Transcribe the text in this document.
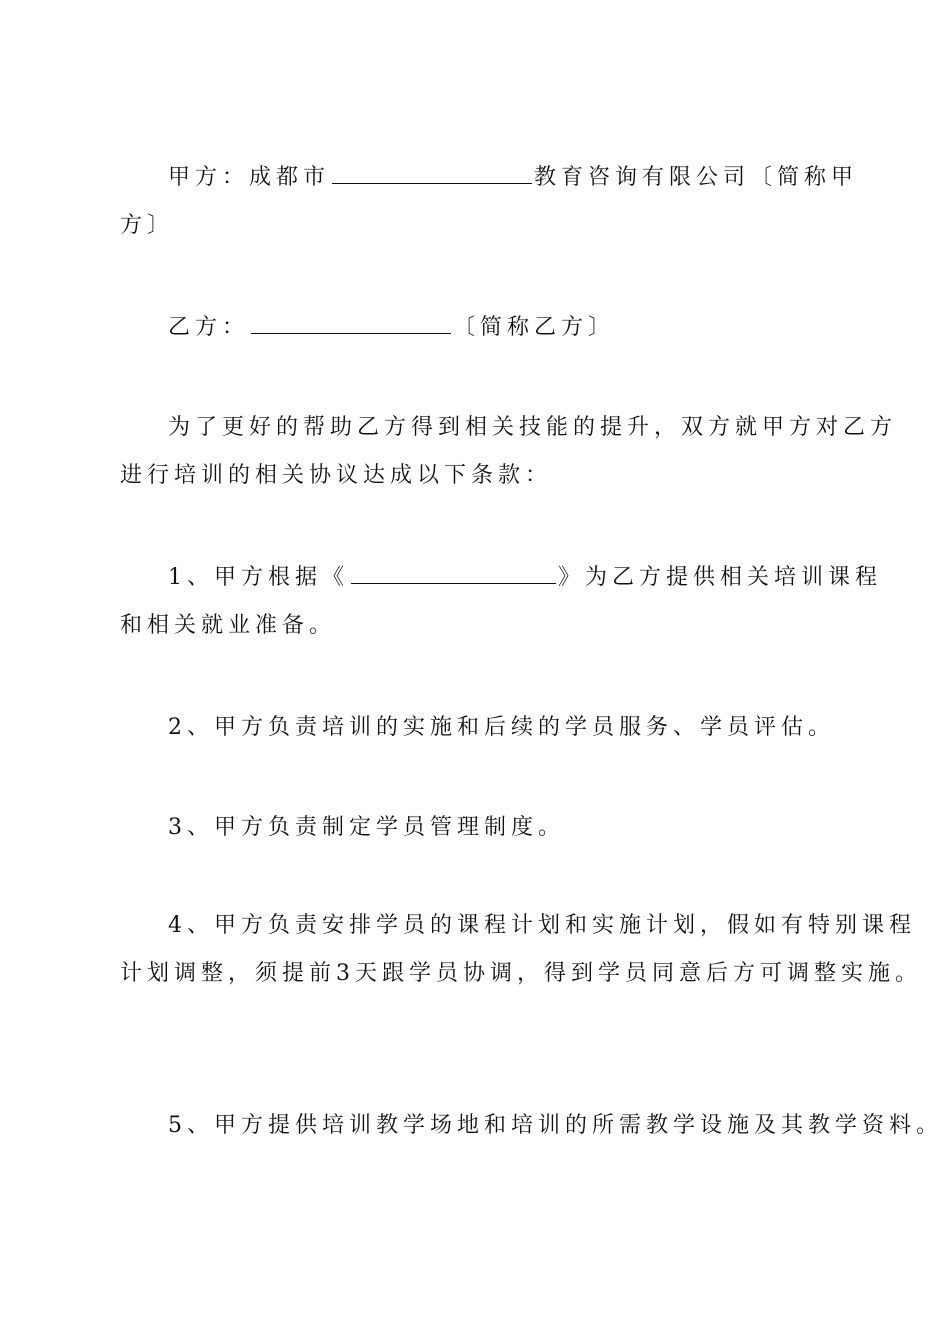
甲方：成都市	教育咨询有限公司〔简称甲
方〕
乙方：	〔简称乙方〕
为了更好的帮助乙方得到相关技能的提升，双方就甲方对乙方
进行培训的相关协议达成以下条款：
1、甲方根据《	》为乙方提供相关培训课程
和相关就业准备。
2、甲方负责培训的实施和后续的学员服务、学员评估。
3、甲方负责制定学员管理制度。
4、甲方负责安排学员的课程计划和实施计划，假如有特别课程
计划调整，须提前3天跟学员协调，得到学员同意后方可调整实施。
5、甲方提供培训教学场地和培训的所需教学设施及其教学资料。
